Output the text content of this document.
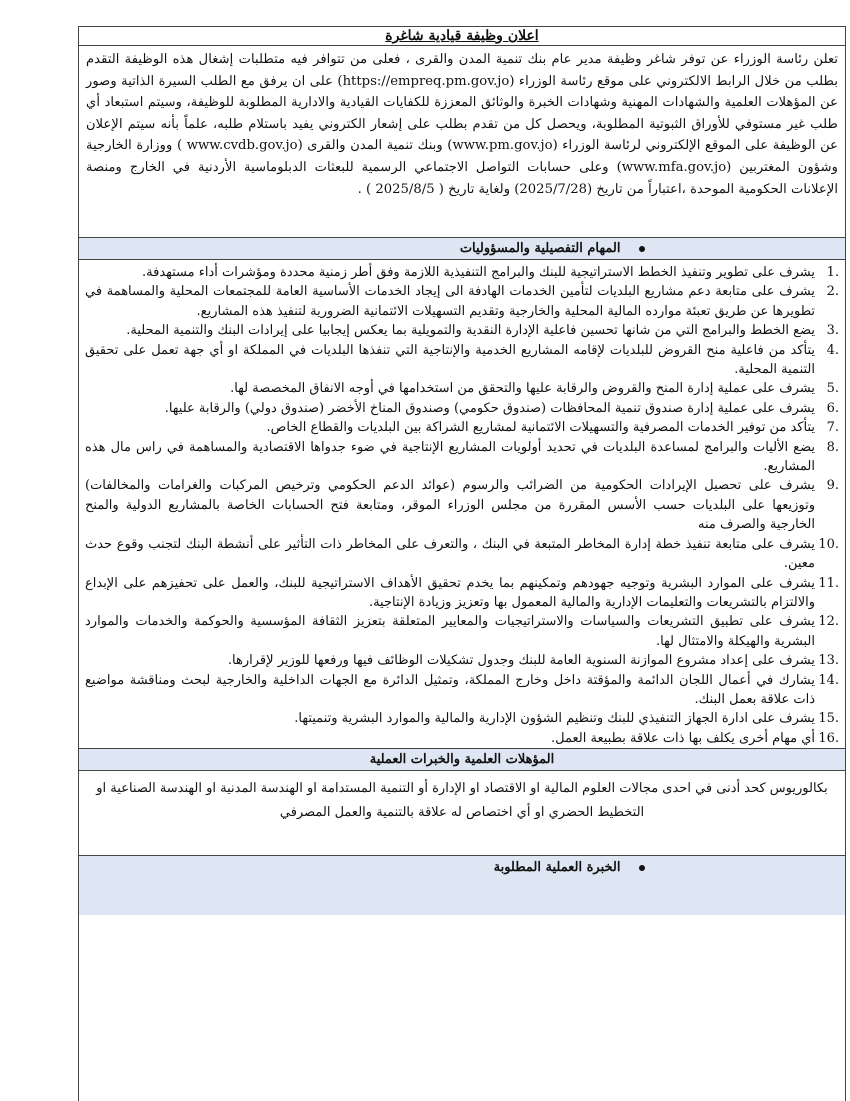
اعلان وظيفة قيادية شاغرة
تعلن رئاسة الوزراء عن توفر شاغر وظيفة مدير عام بنك تنمية المدن والقرى ، فعلى من تتوافر فيه متطلبات إشغال هذه الوظيفة التقدم بطلب من خلال الرابط الالكتروني على موقع رئاسة الوزراء (https://empreq.pm.gov.jo) على ان يرفق مع الطلب السيرة الذاتية وصور عن المؤهلات العلمية والشهادات المهنية وشهادات الخبرة والوثائق المعززة للكفايات القيادية والادارية المطلوبة للوظيفة، وسيتم استبعاد أي طلب غير مستوفي للأوراق الثبوتية المطلوبة، ويحصل كل من تقدم بطلب على إشعار الكتروني يفيد باستلام طلبه، علماً بأنه سيتم الإعلان عن الوظيفة على الموقع الإلكتروني لرئاسة الوزراء (www.pm.gov.jo) وبنك تنمية المدن والقرى (www.cvdb.gov.jo ) ووزارة الخارجية وشؤون المغتربين (www.mfa.gov.jo) وعلى حسابات التواصل الاجتماعي الرسمية للبعثات الدبلوماسية الأردنية في الخارج ومنصة الإعلانات الحكومية الموحدة ،اعتباراً من تاريخ (2025/7/28) ولغاية تاريخ ( 2025/8/5 ) .
المهام التفصيلية والمسؤوليات
1.
يشرف على تطوير وتنفيذ الخطط الاستراتيجية للبنك والبرامج التنفيذية اللازمة وفق أطر زمنية محددة ومؤشرات أداء مستهدفة.
2.
يشرف على متابعة دعم مشاريع البلديات لتأمين الخدمات الهادفة الى إيجاد الخدمات الأساسية العامة للمجتمعات المحلية والمساهمة في تطويرها عن طريق تعبئة موارده المالية المحلية والخارجية وتقديم التسهيلات الائتمانية الضرورية لتنفيذ هذه المشاريع.
3.
يضع الخطط والبرامج التي من شانها تحسين فاعلية الإدارة النقدية والتمويلية بما يعكس إيجابيا على إيرادات البنك والتنمية المحلية.
4.
يتأكد من فاعلية منح القروض للبلديات لإقامه المشاريع الخدمية والإنتاجية التي تنفذها البلديات في المملكة او أي جهة تعمل على تحقيق التنمية المحلية.
5.
يشرف على عملية إدارة المنح والقروض والرقابة عليها والتحقق من استخدامها في أوجه الانفاق المخصصة لها.
6.
يشرف على عملية إدارة صندوق تنمية المحافظات (صندوق حكومي) وصندوق المناخ الأخضر (صندوق دولي) والرقابة عليها.
7.
يتأكد من توفير الخدمات المصرفية والتسهيلات الائتمانية لمشاريع الشراكة بين البلديات والقطاع الخاص.
8.
يضع الأليات والبرامج لمساعدة البلديات في تحديد أولويات المشاريع الإنتاجية في ضوء جدواها الاقتصادية والمساهمة في راس مال هذه المشاريع.
9.
يشرف على تحصيل الإيرادات الحكومية من الضرائب والرسوم (عوائد الدعم الحكومي وترخيص المركبات والغرامات والمخالفات) وتوزيعها على البلديات حسب الأسس المقررة من مجلس الوزراء الموقر، ومتابعة فتح الحسابات الخاصة بالمشاريع الدولية والمنح الخارجية والصرف منه
10.
يشرف على متابعة تنفيذ خطة إدارة المخاطر المتبعة في البنك ، والتعرف على المخاطر ذات التأثير على أنشطة البنك لتجنب وقوع حدث معين.
11.
يشرف على الموارد البشرية وتوجيه جهودهم وتمكينهم بما يخدم تحقيق الأهداف الاستراتيجية للبنك، والعمل على تحفيزهم على الإبداع والالتزام بالتشريعات والتعليمات الإدارية والمالية المعمول بها وتعزيز وزيادة الإنتاجية.
12.
يشرف على تطبيق التشريعات والسياسات والاستراتيجيات والمعايير المتعلقة بتعزيز الثقافة المؤسسية والحوكمة والخدمات والموارد البشرية والهيكلة والامتثال لها.
13.
يشرف على إعداد مشروع الموازنة السنوية العامة للبنك وجدول تشكيلات الوظائف فيها ورفعها للوزير لإقرارها.
14.
يشارك في أعمال اللجان الدائمة والمؤقتة داخل وخارج المملكة، وتمثيل الدائرة مع الجهات الداخلية والخارجية لبحث ومناقشة مواضيع ذات علاقة بعمل البنك.
15.
يشرف على ادارة الجهاز التنفيذي للبنك وتنظيم الشؤون الإدارية والمالية والموارد البشرية وتنميتها.
16.
أي مهام أخرى يكلف بها ذات علاقة بطبيعة العمل.
المؤهلات العلمية والخبرات العملية
بكالوريوس كحد أدنى في احدى مجالات العلوم المالية او الاقتصاد او الإدارة أو التنمية المستدامة او الهندسة المدنية او الهندسة الصناعية او التخطيط الحضري او أي اختصاص له علاقة بالتنمية والعمل المصرفي
الخبرة العملية المطلوبة
